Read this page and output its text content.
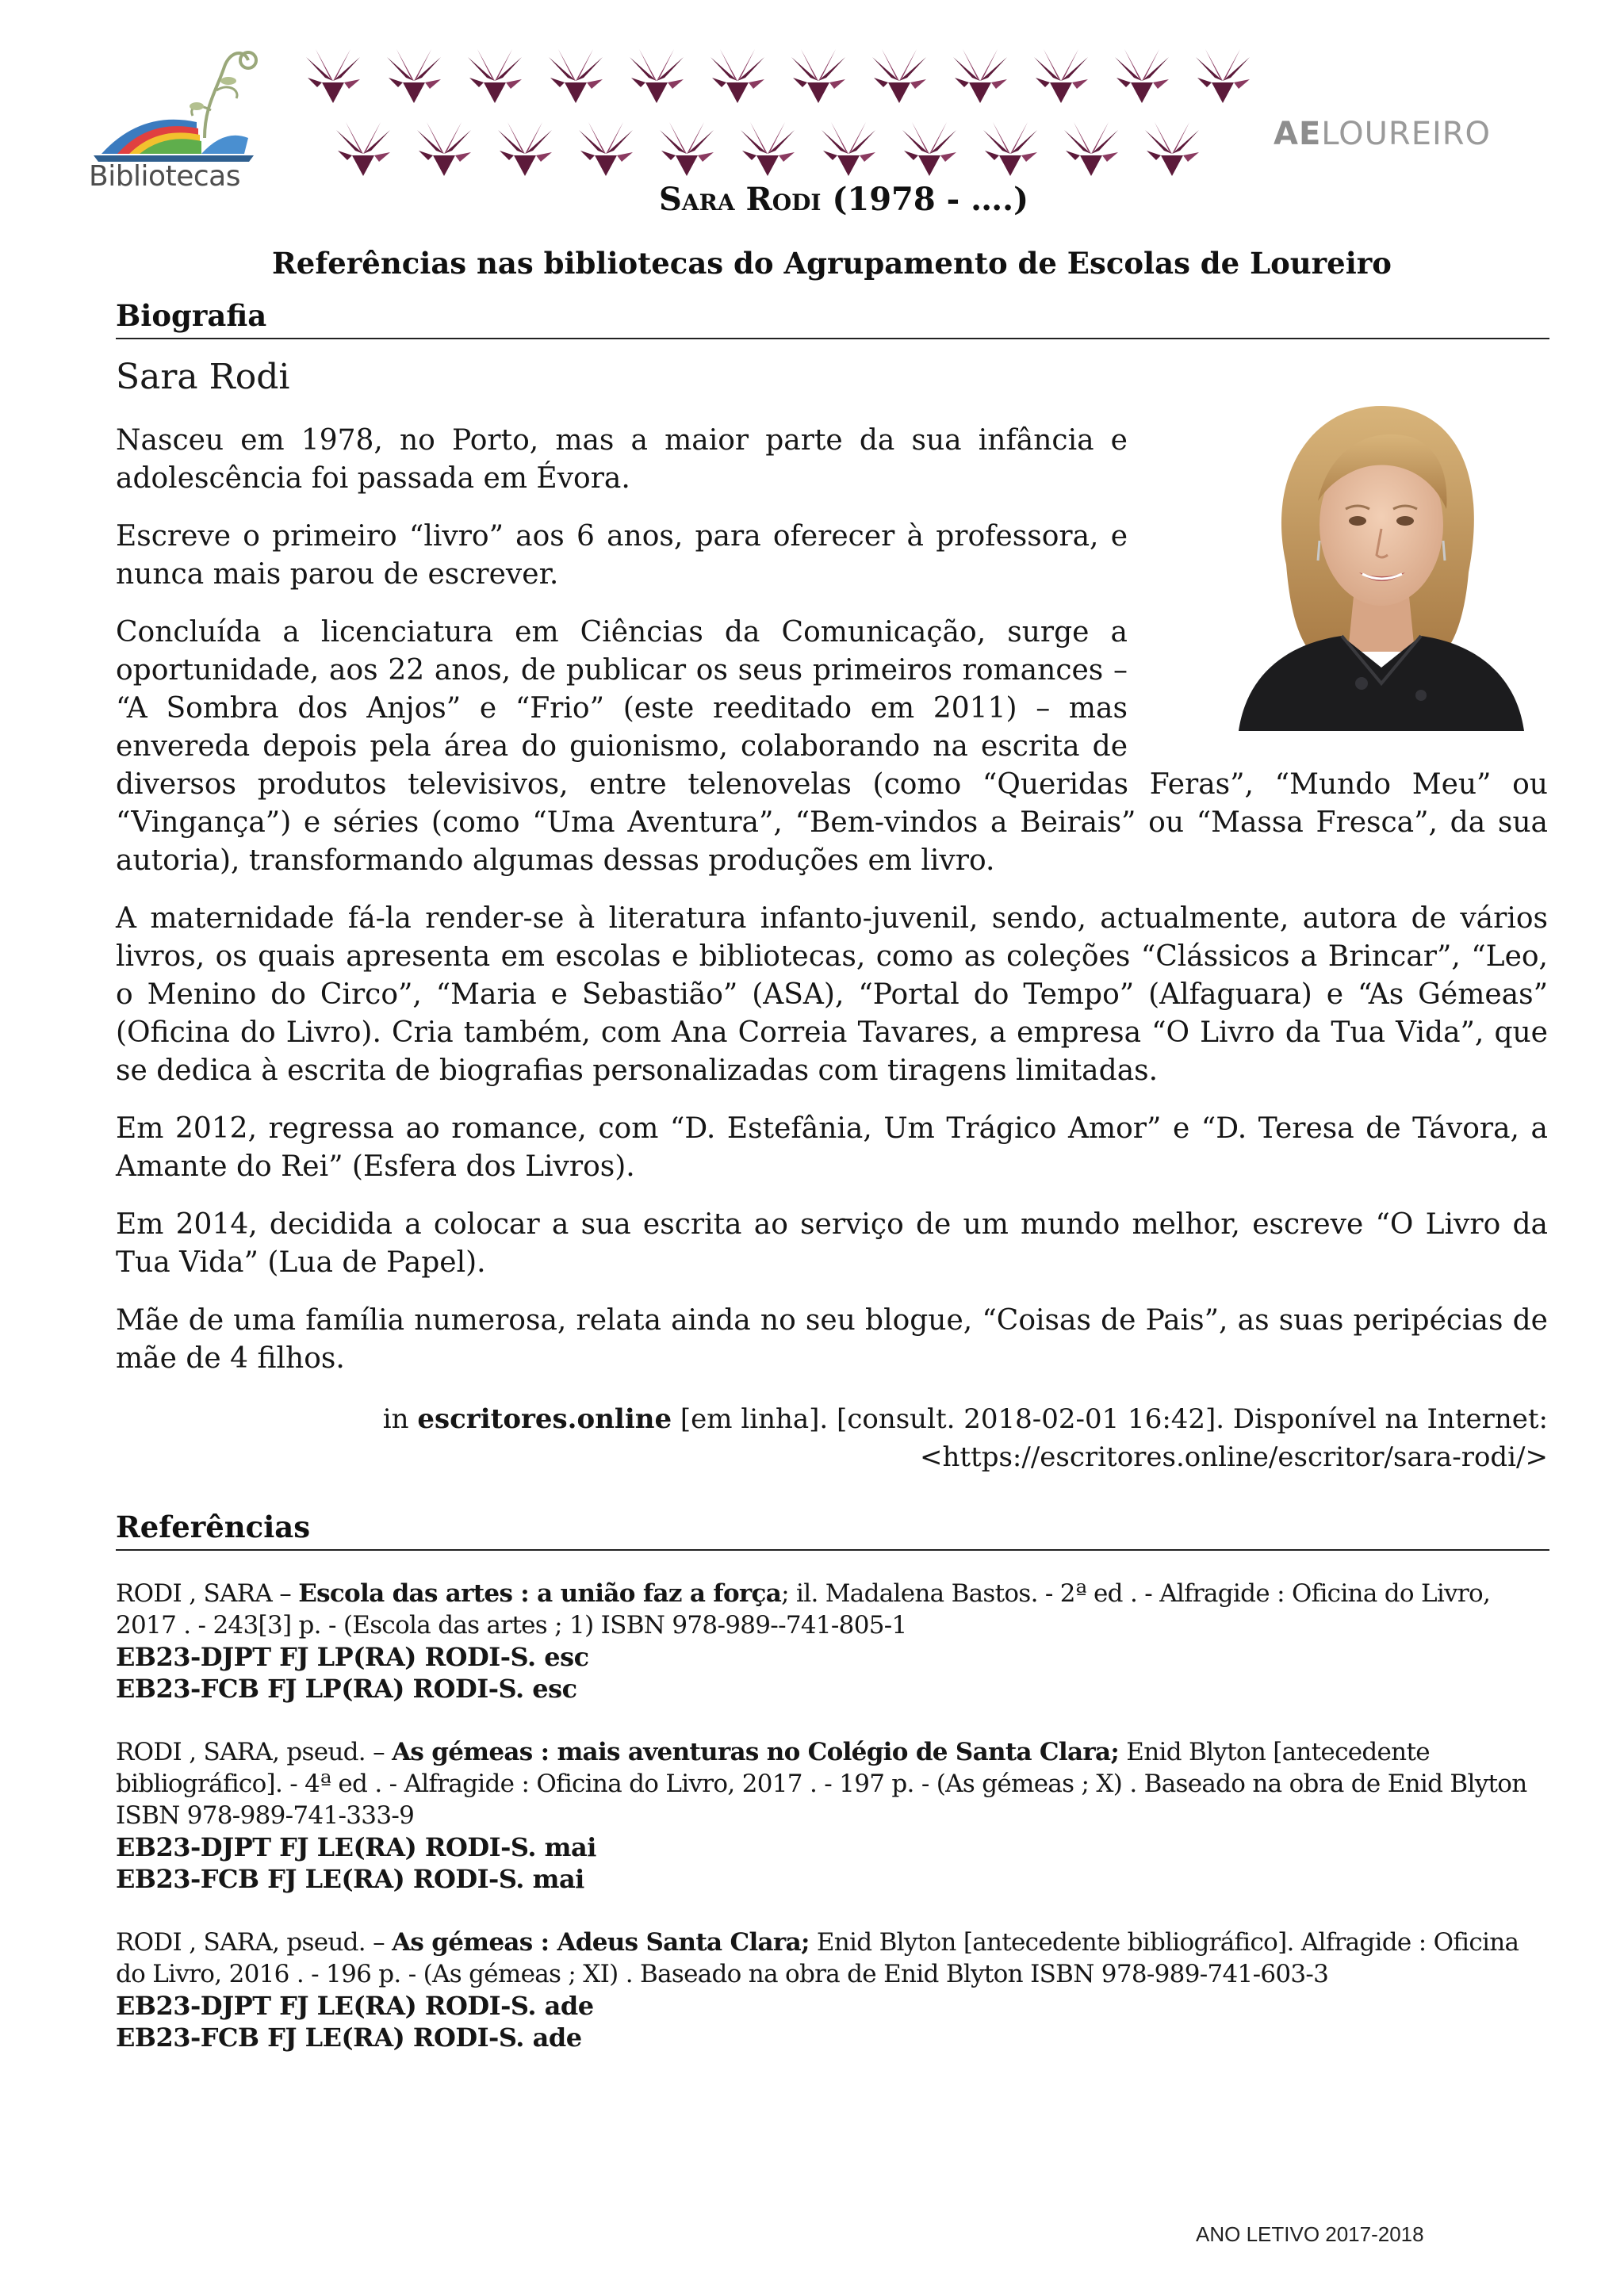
Bibliotecas
AELOUREIRO
Sara Rodi (1978 - ….)
Referências nas bibliotecas do Agrupamento de Escolas de Loureiro
Biografia
Sara Rodi

Nasceu em 1978, no Porto, mas a maior parte da sua infância e adolescência foi passada em Évora.

Escreve o primeiro “livro” aos 6 anos, para oferecer à professora, e nunca mais parou de escrever.

Concluída a licenciatura em Ciências da Comunicação, surge a oportunidade, aos 22 anos, de publicar os seus primeiros romances – “A Sombra dos Anjos” e “Frio” (este reeditado em 2011) – mas envereda depois pela área do guionismo, colaborando na escrita de diversos produtos televisivos, entre telenovelas (como “Queridas Feras”, “Mundo Meu” ou “Vingança”) e séries (como “Uma Aventura”, “Bem-vindos a Beirais” ou “Massa Fresca”, da sua autoria), transformando algumas dessas produções em livro.

A maternidade fá-la render-se à literatura infanto-juvenil, sendo, actualmente, autora de vários livros, os quais apresenta em escolas e bibliotecas, como as coleções “Clássicos a Brincar”, “Leo, o Menino do Circo”, “Maria e Sebastião” (ASA), “Portal do Tempo” (Alfaguara) e “As Gémeas” (Oficina do Livro). Cria também, com Ana Correia Tavares, a empresa “O Livro da Tua Vida”, que se dedica à escrita de biografias personalizadas com tiragens limitadas.

Em 2012, regressa ao romance, com “D. Estefânia, Um Trágico Amor” e “D. Teresa de Távora, a Amante do Rei” (Esfera dos Livros).

Em 2014, decidida a colocar a sua escrita ao serviço de um mundo melhor, escreve “O Livro da Tua Vida” (Lua de Papel).

Mãe de uma família numerosa, relata ainda no seu blogue, “Coisas de Pais”, as suas peripécias de mãe de 4 filhos.

in escritores.online [em linha]. [consult. 2018-02-01 16:42]. Disponível na Internet:
<https://escritores.online/escritor/sara-rodi/>
Referências
RODI , SARA – Escola das artes : a união faz a força; il. Madalena Bastos. - 2ª ed . - Alfragide : Oficina do Livro, 2017 . - 243[3] p. - (Escola das artes ; 1) ISBN 978-989--741-805-1
EB23-DJPT FJ LP(RA) RODI-S. esc
EB23-FCB FJ LP(RA) RODI-S. esc
RODI , SARA, pseud. – As gémeas : mais aventuras no Colégio de Santa Clara; Enid Blyton [antecedente bibliográfico]. - 4ª ed . - Alfragide : Oficina do Livro, 2017 . - 197 p. - (As gémeas ; X) . Baseado na obra de Enid Blyton ISBN 978-989-741-333-9
EB23-DJPT FJ LE(RA) RODI-S. mai
EB23-FCB FJ LE(RA) RODI-S. mai
RODI , SARA, pseud. – As gémeas : Adeus Santa Clara; Enid Blyton [antecedente bibliográfico]. Alfragide : Oficina do Livro, 2016 . - 196 p. - (As gémeas ; XI) . Baseado na obra de Enid Blyton ISBN 978-989-741-603-3
EB23-DJPT FJ LE(RA) RODI-S. ade
EB23-FCB FJ LE(RA) RODI-S. ade
ANO LETIVO 2017-2018
